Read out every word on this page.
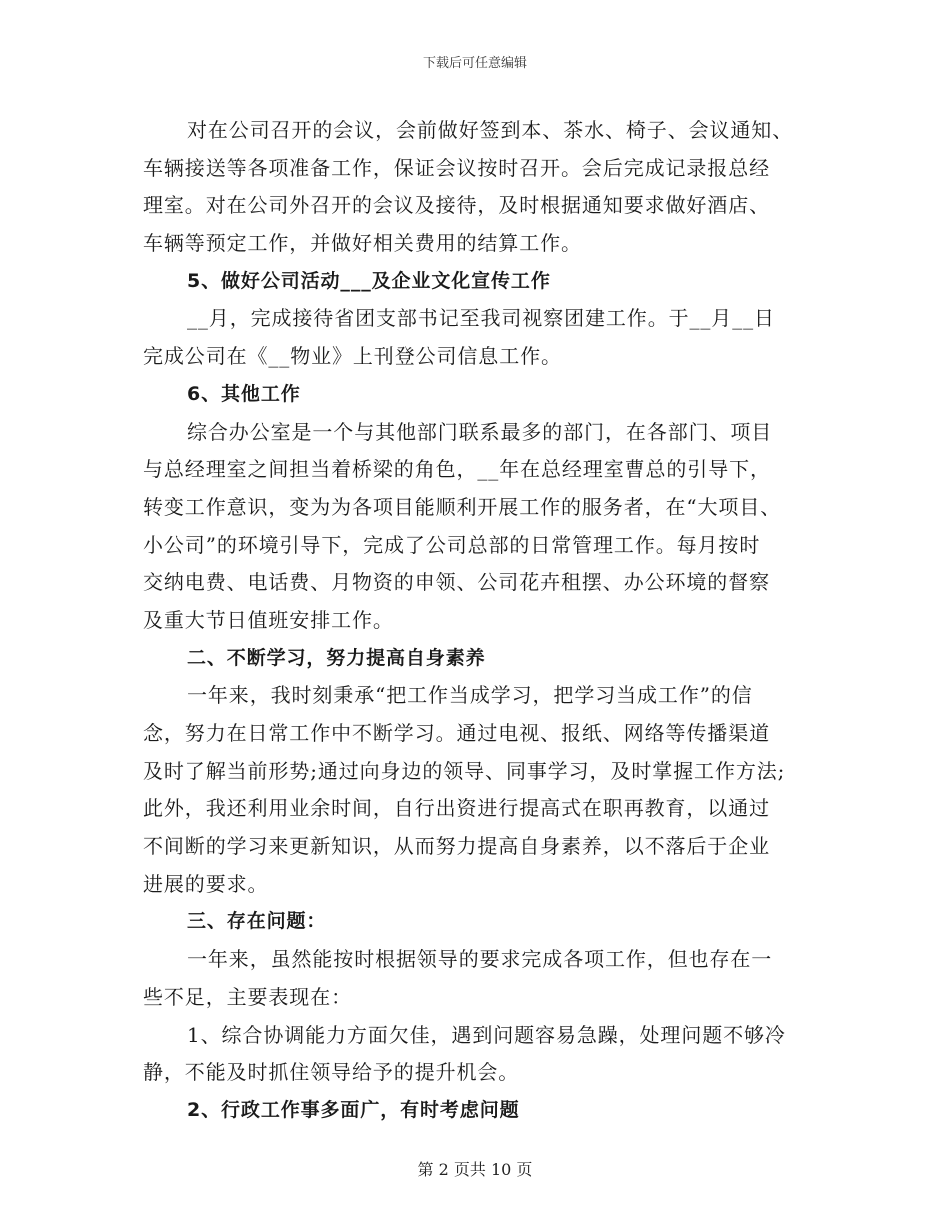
下载后可任意编辑
对在公司召开的会议，会前做好签到本、茶水、椅子、会议通知、
车辆接送等各项准备工作，保证会议按时召开。会后完成记录报总经
理室。对在公司外召开的会议及接待，及时根据通知要求做好酒店、
车辆等预定工作，并做好相关费用的结算工作。
5、做好公司活动___及企业文化宣传工作
__月，完成接待省团支部书记至我司视察团建工作。于__月__日
完成公司在《__物业》上刊登公司信息工作。
6、其他工作
综合办公室是一个与其他部门联系最多的部门，在各部门、项目
与总经理室之间担当着桥梁的角色，__年在总经理室曹总的引导下，
转变工作意识，变为为各项目能顺利开展工作的服务者，在“大项目、
小公司”的环境引导下，完成了公司总部的日常管理工作。每月按时
交纳电费、电话费、月物资的申领、公司花卉租摆、办公环境的督察
及重大节日值班安排工作。
二、不断学习，努力提高自身素养
一年来，我时刻秉承“把工作当成学习，把学习当成工作”的信
念，努力在日常工作中不断学习。通过电视、报纸、网络等传播渠道
及时了解当前形势;通过向身边的领导、同事学习，及时掌握工作方法;
此外，我还利用业余时间，自行出资进行提高式在职再教育，以通过
不间断的学习来更新知识，从而努力提高自身素养，以不落后于企业
进展的要求。
三、存在问题：
一年来，虽然能按时根据领导的要求完成各项工作，但也存在一
些不足，主要表现在：
1、综合协调能力方面欠佳，遇到问题容易急躁，处理问题不够冷
静，不能及时抓住领导给予的提升机会。
2、行政工作事多面广，有时考虑问题
第 2 页共 10 页
